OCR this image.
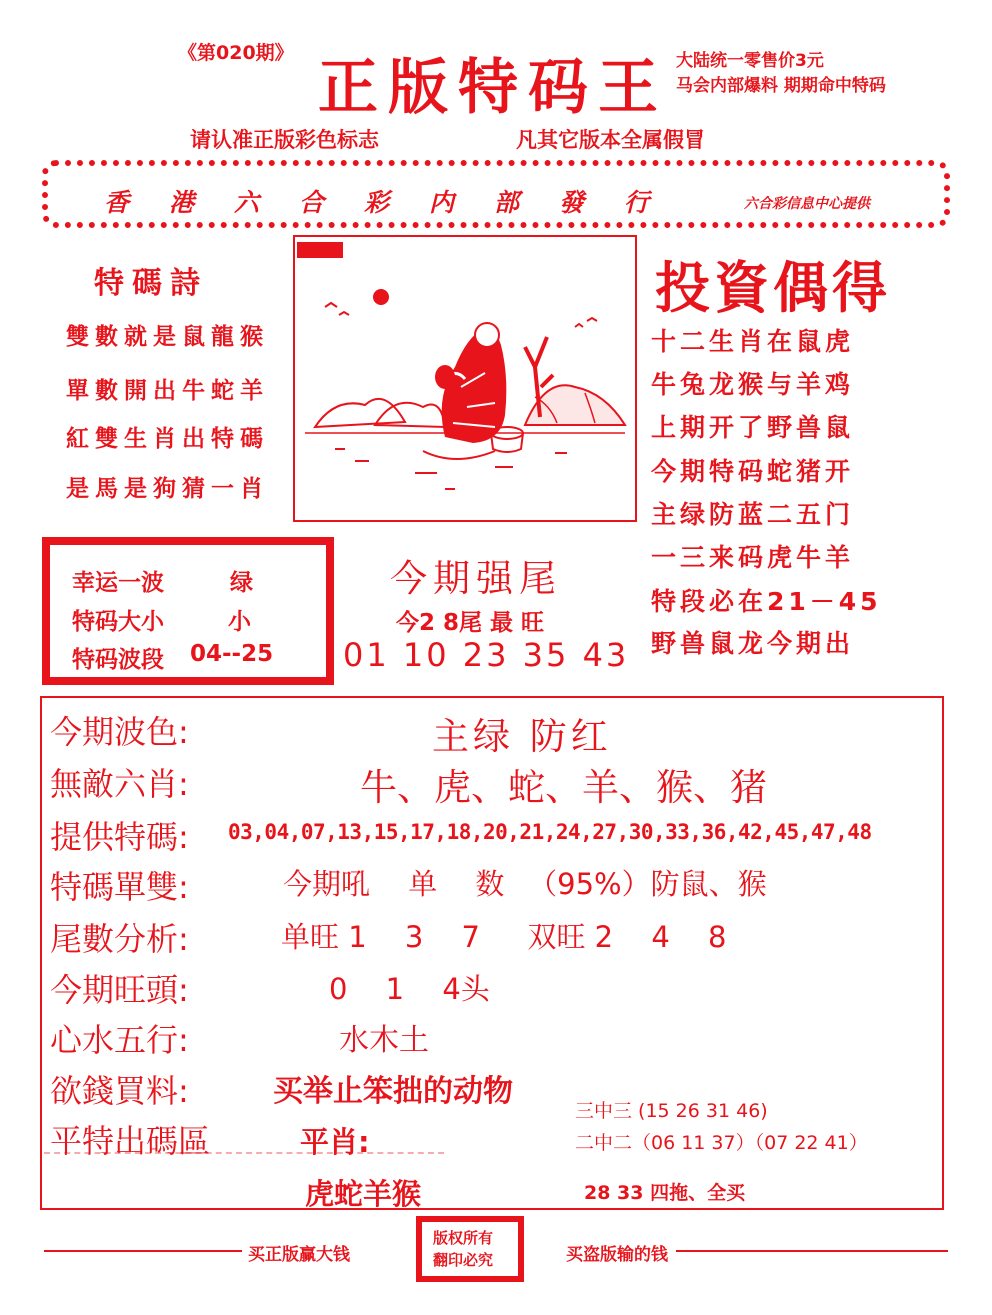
《第020期》 正版特码王 大陆统一零售价3元
马会内部爆料 期期命中特码
请认准正版彩色标志	凡其它版本全属假冒
香港六合彩内部發行	六合彩信息中心提供
特碼詩
雙數就是鼠龍猴
單數開出牛蛇羊
紅雙生肖出特碼
是馬是狗猜一肖
投資偶得
十二生肖在鼠虎
牛兔龙猴与羊鸡
上期开了野兽鼠
今期特码蛇猪开
主绿防蓝二五门
一三来码虎牛羊
特段必在21－45
野兽鼠龙今期出
幸运一波	绿
特码大小	小
特码波段 04--25
今期强尾
今2 8尾 最 旺
01 10 23 35 43
今期波色:	主绿 防红
無敵六肖:	牛、虎、蛇、羊、猴、猪
提供特碼: 03,04,07,13,15,17,18,20,21,24,27,30,33,36,42,45,47,48
特碼單雙:	今期吼　 单 　数 　（95%）防鼠、猴
尾數分析:	单旺 1 　3 　7 　 双旺 2 　4 　8
今期旺頭:	0 　1 　4头
心水五行:	水木土
欲錢買料:	买举止笨拙的动物
三中三 (15 26 31 46)
二中二（06 11 37）（07 22 41）
平特出碼區	平肖:
虎蛇羊猴	28 33 四拖、全买
买正版赢大钱
版权所有
翻印必究	买盗版输的钱
